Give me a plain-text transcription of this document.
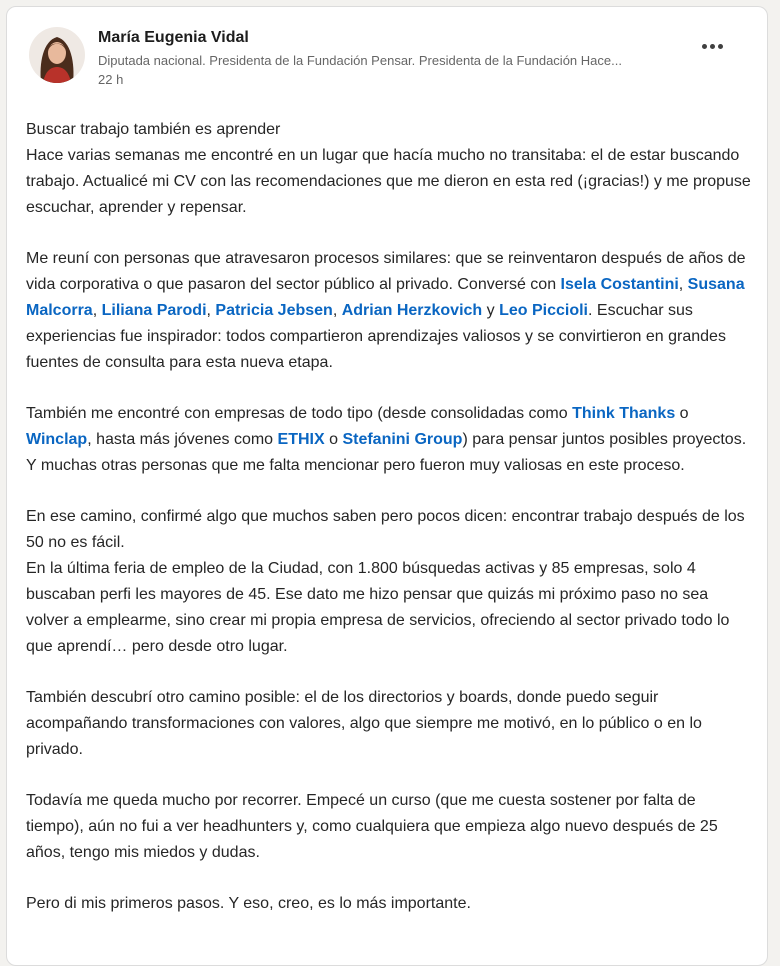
María Eugenia Vidal
Diputada nacional. Presidenta de la Fundación Pensar. Presidenta de la Fundación Hace...
22 h

Buscar trabajo también es aprender
Hace varias semanas me encontré en un lugar que hacía mucho no transitaba: el de estar buscando trabajo. Actualicé mi CV con las recomendaciones que me dieron en esta red (¡gracias!) y me propuse escuchar, aprender y repensar.

Me reuní con personas que atravesaron procesos similares: que se reinventaron después de años de vida corporativa o que pasaron del sector público al privado. Conversé con Isela Costantini, Susana Malcorra, Liliana Parodi, Patricia Jebsen, Adrian Herzkovich y Leo Piccioli. Escuchar sus experiencias fue inspirador: todos compartieron aprendizajes valiosos y se convirtieron en grandes fuentes de consulta para esta nueva etapa.

También me encontré con empresas de todo tipo (desde consolidadas como Think Thanks o Winclap, hasta más jóvenes como ETHIX o Stefanini Group) para pensar juntos posibles proyectos.
Y muchas otras personas que me falta mencionar pero fueron muy valiosas en este proceso.

En ese camino, confirmé algo que muchos saben pero pocos dicen: encontrar trabajo después de los 50 no es fácil.
En la última feria de empleo de la Ciudad, con 1.800 búsquedas activas y 85 empresas, solo 4 buscaban perfi les mayores de 45. Ese dato me hizo pensar que quizás mi próximo paso no sea volver a emplearme, sino crear mi propia empresa de servicios, ofreciendo al sector privado todo lo que aprendí… pero desde otro lugar.

También descubrí otro camino posible: el de los directorios y boards, donde puedo seguir acompañando transformaciones con valores, algo que siempre me motivó, en lo público o en lo privado.

Todavía me queda mucho por recorrer. Empecé un curso (que me cuesta sostener por falta de tiempo), aún no fui a ver headhunters y, como cualquiera que empieza algo nuevo después de 25 años, tengo mis miedos y dudas.

Pero di mis primeros pasos. Y eso, creo, es lo más importante.
